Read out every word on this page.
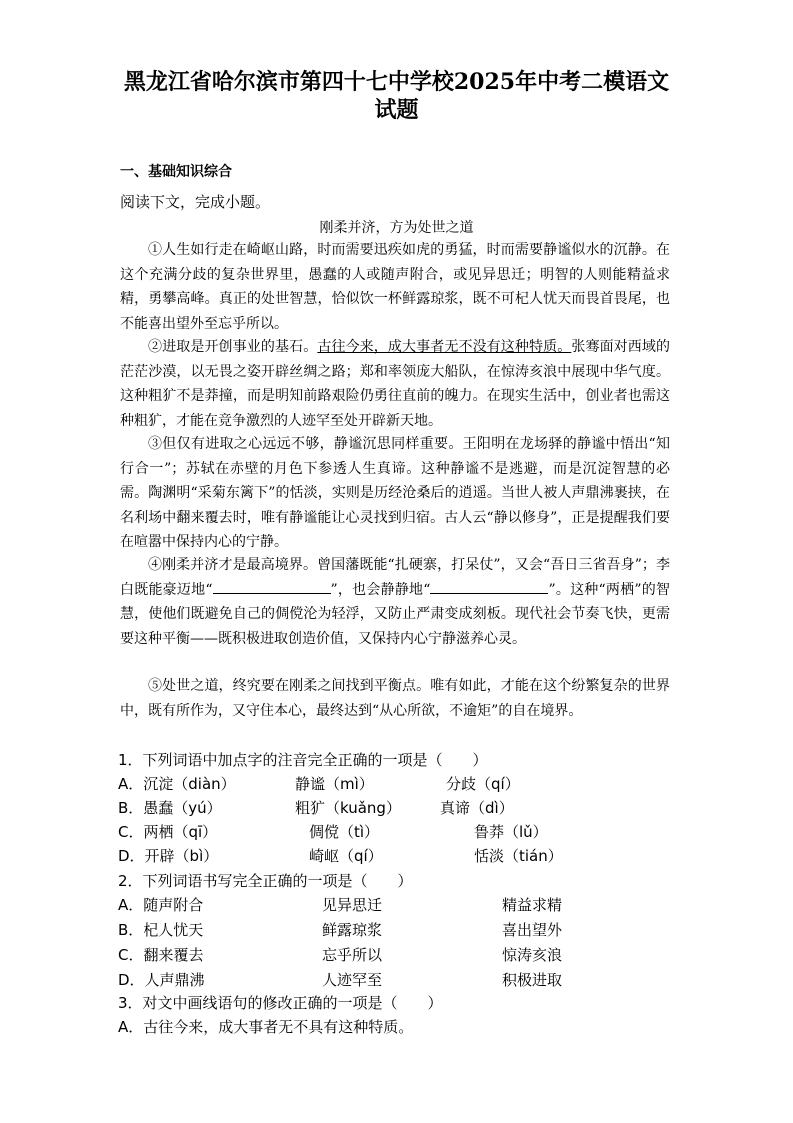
黑龙江省哈尔滨市第四十七中学校2025年中考二模语文试题
一、基础知识综合
阅读下文，完成小题。
刚柔并济，方为处世之道
①人生如行走在崎岖山路，时而需要迅疾如虎的勇猛，时而需要静谧似水的沉静。在这个充满分歧的复杂世界里，愚蠢的人或随声附合，或见异思迁；明智的人则能精益求精，勇攀高峰。真正的处世智慧，恰似饮一杯鲜露琼浆，既不可杞人忧天而畏首畏尾，也不能喜出望外至忘乎所以。
②进取是开创事业的基石。古往今来，成大事者无不没有这种特质。张骞面对西域的茫茫沙漠，以无畏之姿开辟丝绸之路；郑和率领庞大船队，在惊涛亥浪中展现中华气度。这种粗犷不是莽撞，而是明知前路艰险仍勇往直前的魄力。在现实生活中，创业者也需这种粗犷，才能在竞争激烈的人迹罕至处开辟新天地。
③但仅有进取之心远远不够，静谧沉思同样重要。王阳明在龙场驿的静谧中悟出“知行合一”；苏轼在赤壁的月色下参透人生真谛。这种静谧不是逃避，而是沉淀智慧的必需。陶渊明“采菊东篱下”的恬淡，实则是历经沧桑后的逍遥。当世人被人声鼎沸裹挟，在名利场中翻来覆去时，唯有静谧能让心灵找到归宿。古人云“静以修身”，正是提醒我们要在喧嚣中保持内心的宁静。
④刚柔并济才是最高境界。曾国藩既能“扎硬寨，打呆仗”，又会“吾日三省吾身”；李白既能豪迈地“	”，也会静静地“	”。这种“两栖”的智慧，使他们既避免自己的倜傥沦为轻浮，又防止严肃变成刻板。现代社会节奏飞快，更需要这种平衡——既积极进取创造价值，又保持内心宁静滋养心灵。
⑤处世之道，终究要在刚柔之间找到平衡点。唯有如此，才能在这个纷繁复杂的世界中，既有所作为，又守住本心，最终达到“从心所欲，不逾矩”的自在境界。
1．下列词语中加点字的注音完全正确的一项是（　　）
A．沉淀（diàn）	静谧（mì）	分歧（qí）
B．愚蠢（yú）	粗犷（kuǎng）	真谛（dì）
C．两栖（qī）	倜傥（tì）	鲁莽（lǔ）
D．开辟（bì）	崎岖（qí）	恬淡（tián）
2．下列词语书写完全正确的一项是（　　）
A．随声附合	见异思迁	精益求精
B．杞人忧天	鲜露琼浆	喜出望外
C．翻来覆去	忘乎所以	惊涛亥浪
D．人声鼎沸	人迹罕至	积极进取
3．对文中画线语句的修改正确的一项是（　　）
A．古往今来，成大事者无不具有这种特质。
